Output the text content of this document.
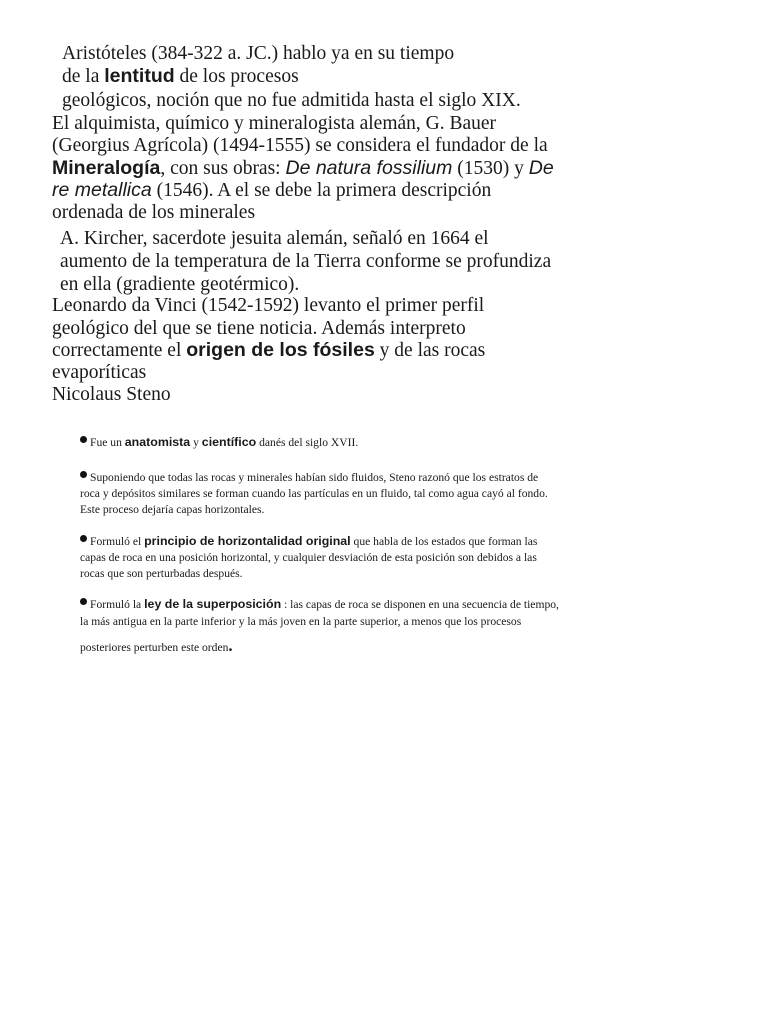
Aristóteles (384-322 a. JC.) hablo ya en su tiempo
de la lentitud de los procesos
geológicos, noción que no fue admitida hasta el siglo XIX.
El alquimista, químico y mineralogista alemán, G. Bauer
(Georgius Agrícola) (1494-1555) se considera el fundador de la
Mineralogía, con sus obras: De natura fossilium (1530) y De
re metallica (1546). A el se debe la primera descripción
ordenada de los minerales
A. Kircher, sacerdote jesuita alemán, señaló en 1664 el
aumento de la temperatura de la Tierra conforme se profundiza
en ella (gradiente geotérmico).
Leonardo da Vinci (1542-1592) levanto el primer perfil
geológico del que se tiene noticia. Además interpreto
correctamente el origen de los fósiles y de las rocas
evaporíticas
Nicolaus Steno
Fue un anatomista y científico danés del siglo XVII.
Suponiendo que todas las rocas y minerales habían sido fluidos, Steno razonó que los estratos de
roca y depósitos similares se forman cuando las partículas en un fluido, tal como agua cayó al fondo.
Este proceso dejaría capas horizontales.
Formuló el principio de horizontalidad original que habla de los estados que forman las
capas de roca en una posición horizontal, y cualquier desviación de esta posición son debidos a las
rocas que son perturbadas después.
Formuló la ley de la superposición : las capas de roca se disponen en una secuencia de tiempo,
la más antigua en la parte inferior y la más joven en la parte superior, a menos que los procesos
posteriores perturben este orden.
